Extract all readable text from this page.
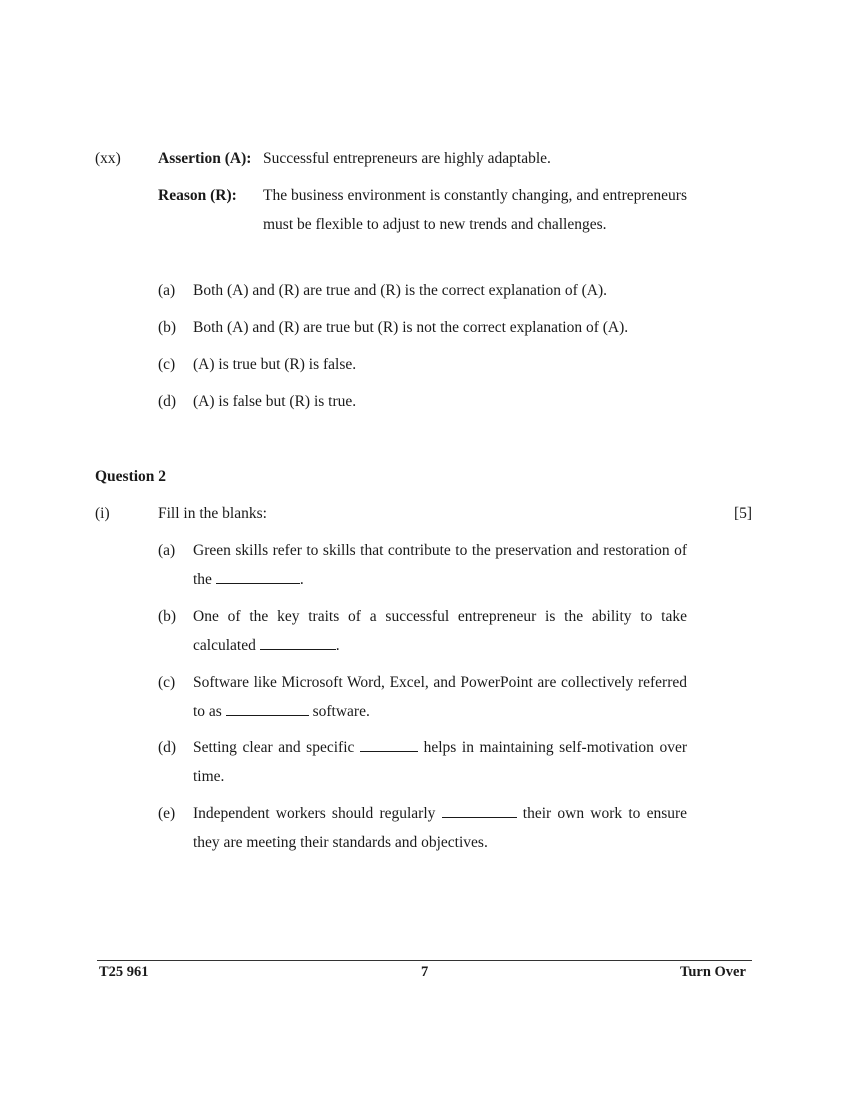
(xx) Assertion (A): Successful entrepreneurs are highly adaptable.
Reason (R): The business environment is constantly changing, and entrepreneurs must be flexible to adjust to new trends and challenges.
(a) Both (A) and (R) are true and (R) is the correct explanation of (A).
(b) Both (A) and (R) are true but (R) is not the correct explanation of (A).
(c) (A) is true but (R) is false.
(d) (A) is false but (R) is true.
Question 2
(i)	Fill in the blanks:	[5]
(a) Green skills refer to skills that contribute to the preservation and restoration of the	.
(b) One of the key traits of a successful entrepreneur is the ability to take calculated	.
(c) Software like Microsoft Word, Excel, and PowerPoint are collectively referred to as	software.
(d) Setting clear and specific	helps in maintaining self-motivation over time.
(e) Independent workers should regularly	their own work to ensure they are meeting their standards and objectives.
T25 961	7	Turn Over
